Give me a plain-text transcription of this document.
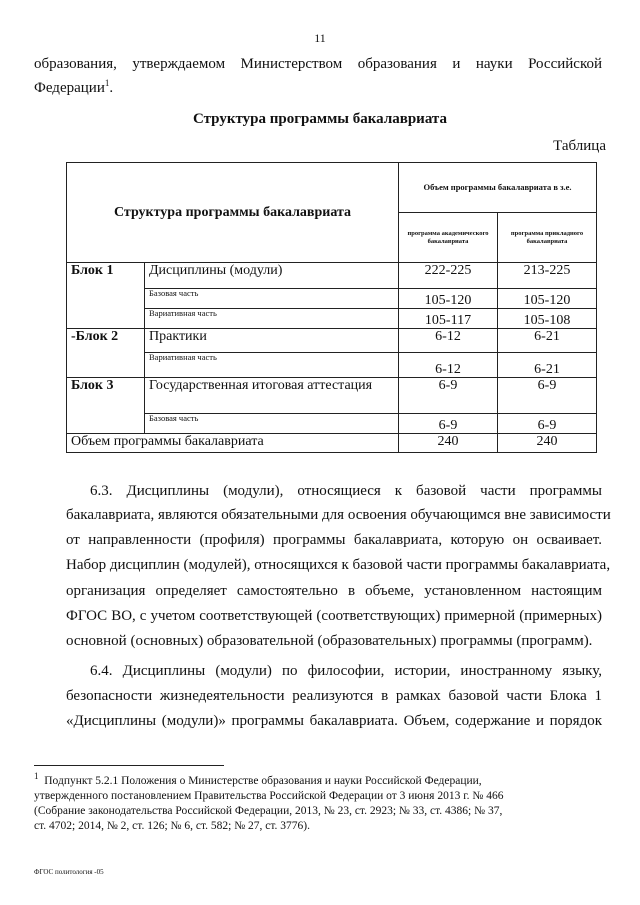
11
образования, утверждаемом Министерством образования и науки Российской
Федерации$^1$.
Структура программы бакалавриата
Таблица
Структура программы бакалавриата		Объем программы бакалавриата в з.е.	
		программа академического бакалавриата	программа прикладного бакалавриата
Блок 1	Дисциплины (модули)	222-225	213-225
	Базовая часть	105-120	105-120
	Вариативная часть	105-117	105-108
-Блок 2	Практики	6-12	6-21
	Вариативная часть	6-12	6-21
Блок 3	Государственная итоговая аттестация	6-9	6-9
	Базовая часть	6-9	6-9
Объем программы бакалавриата		240	240
6.3. Дисциплины (модули), относящиеся к базовой части программы
бакалавриата, являются обязательными для освоения обучающимся вне зависимости
от направленности (профиля) программы бакалавриата, которую он осваивает.
Набор дисциплин (модулей), относящихся к базовой части программы бакалавриата,
организация определяет самостоятельно в объеме, установленном настоящим
ФГОС ВО, с учетом соответствующей (соответствующих) примерной (примерных)
основной (основных) образовательной (образовательных) программы (программ).
6.4. Дисциплины (модули) по философии, истории, иностранному языку,
безопасности жизнедеятельности реализуются в рамках базовой части Блока 1
«Дисциплины (модули)» программы бакалавриата. Объем, содержание и порядок
$^1$ Подпункт 5.2.1 Положения о Министерстве образования и науки Российской Федерации,
утвержденного постановлением Правительства Российской Федерации от 3 июня 2013 г. № 466
(Собрание законодательства Российской Федерации, 2013, № 23, ст. 2923; № 33, ст. 4386; № 37,
ст. 4702; 2014, № 2, ст. 126; № 6, ст. 582; № 27, ст. 3776).
ФГОС политология -05
